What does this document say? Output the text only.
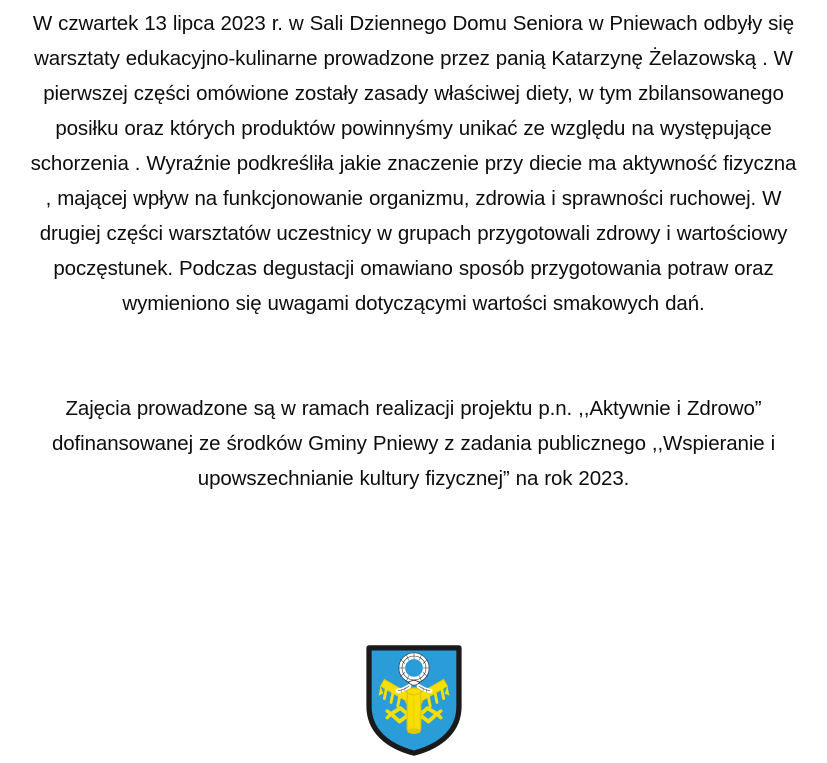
W czwartek 13 lipca 2023 r. w Sali Dziennego Domu Seniora w Pniewach odbyły się warsztaty edukacyjno-kulinarne prowadzone przez panią Katarzynę Żelazowską . W pierwszej części omówione zostały zasady właściwej diety, w tym zbilansowanego posiłku oraz których produktów powinnyśmy unikać ze względu na występujące schorzenia . Wyraźnie podkreśliła jakie znaczenie przy diecie ma aktywność fizyczna , mającej wpływ na funkcjonowanie organizmu, zdrowia i sprawności ruchowej. W drugiej części warsztatów uczestnicy w grupach przygotowali zdrowy i wartościowy poczęstunek. Podczas degustacji omawiano sposób przygotowania potraw oraz wymieniono się uwagami dotyczącymi wartości smakowych dań.

Zajęcia prowadzone są w ramach realizacji projektu p.n. ,,Aktywnie i Zdrowo” dofinansowanej ze środków Gminy Pniewy z zadania publicznego ,,Wspieranie i upowszechnianie kultury fizycznej” na rok 2023.
